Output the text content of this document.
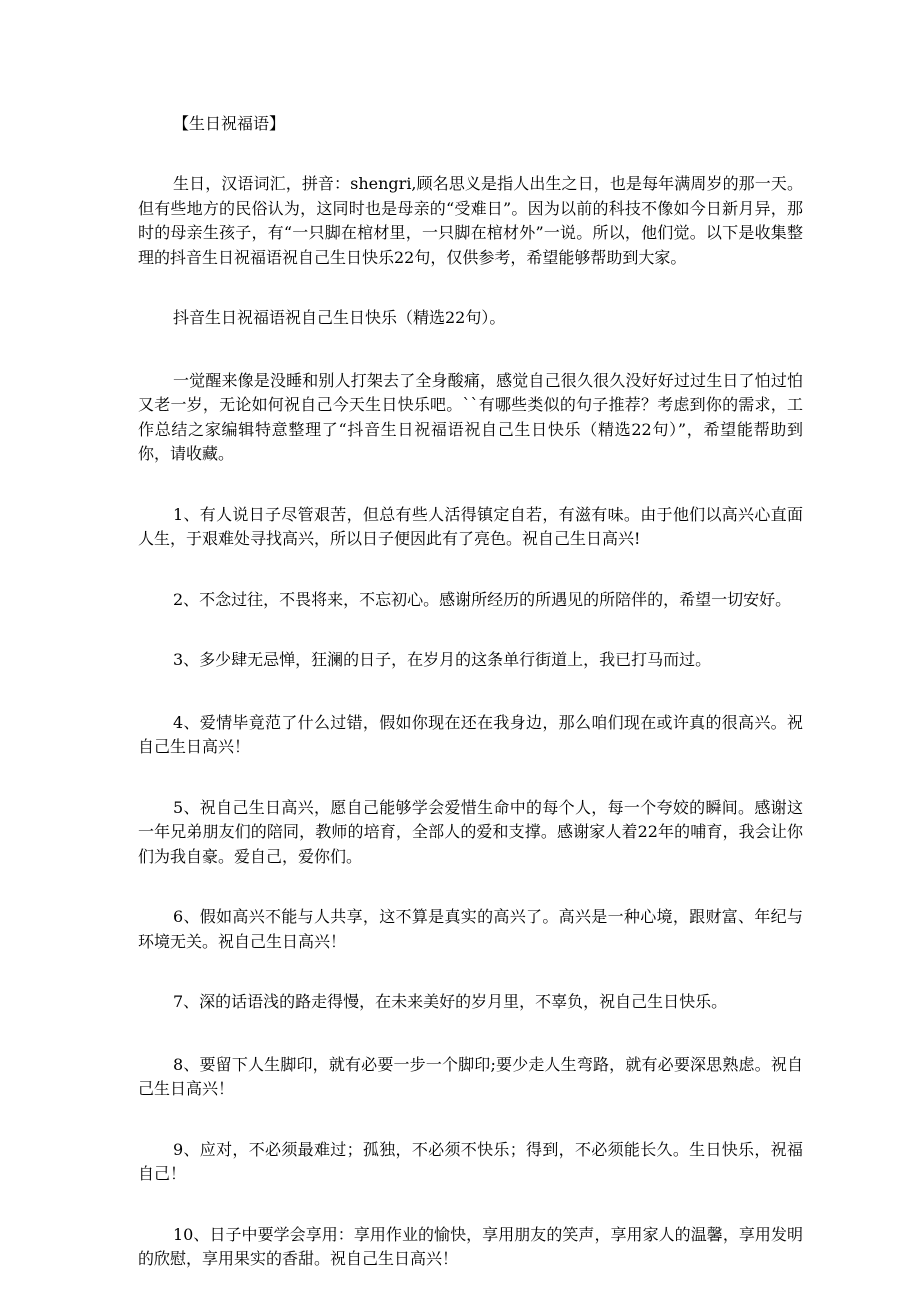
【生日祝福语】

生日，汉语词汇，拼音：shengri,顾名思义是指人出生之日，也是每年满周岁的那一天。但有些地方的民俗认为，这同时也是母亲的“受难日”。因为以前的科技不像如今日新月异，那时的母亲生孩子，有“一只脚在棺材里，一只脚在棺材外”一说。所以，他们觉。以下是收集整理的抖音生日祝福语祝自己生日快乐22句，仅供参考，希望能够帮助到大家。

抖音生日祝福语祝自己生日快乐（精选22句）。

一觉醒来像是没睡和别人打架去了全身酸痛，感觉自己很久很久没好好过过生日了怕过怕又老一岁，无论如何祝自己今天生日快乐吧。``有哪些类似的句子推荐？考虑到你的需求，工作总结之家编辑特意整理了“抖音生日祝福语祝自己生日快乐（精选22句）”，希望能帮助到你，请收藏。

1、有人说日子尽管艰苦，但总有些人活得镇定自若，有滋有味。由于他们以高兴心直面人生，于艰难处寻找高兴，所以日子便因此有了亮色。祝自己生日高兴!

2、不念过往，不畏将来，不忘初心。感谢所经历的所遇见的所陪伴的，希望一切安好。

3、多少肆无忌惮，狂澜的日子，在岁月的这条单行街道上，我已打马而过。

4、爱情毕竟范了什么过错，假如你现在还在我身边，那么咱们现在或许真的很高兴。祝自己生日高兴！

5、祝自己生日高兴，愿自己能够学会爱惜生命中的每个人，每一个夸姣的瞬间。感谢这一年兄弟朋友们的陪同，教师的培育，全部人的爱和支撑。感谢家人着22年的哺育，我会让你们为我自豪。爱自己，爱你们。

6、假如高兴不能与人共享，这不算是真实的高兴了。高兴是一种心境，跟财富、年纪与环境无关。祝自己生日高兴！

7、深的话语浅的路走得慢，在未来美好的岁月里，不辜负，祝自己生日快乐。

8、要留下人生脚印，就有必要一步一个脚印;要少走人生弯路，就有必要深思熟虑。祝自己生日高兴！

9、应对，不必须最难过；孤独，不必须不快乐；得到，不必须能长久。生日快乐，祝福自己！

10、日子中要学会享用：享用作业的愉快，享用朋友的笑声，享用家人的温馨，享用发明的欣慰，享用果实的香甜。祝自己生日高兴！
